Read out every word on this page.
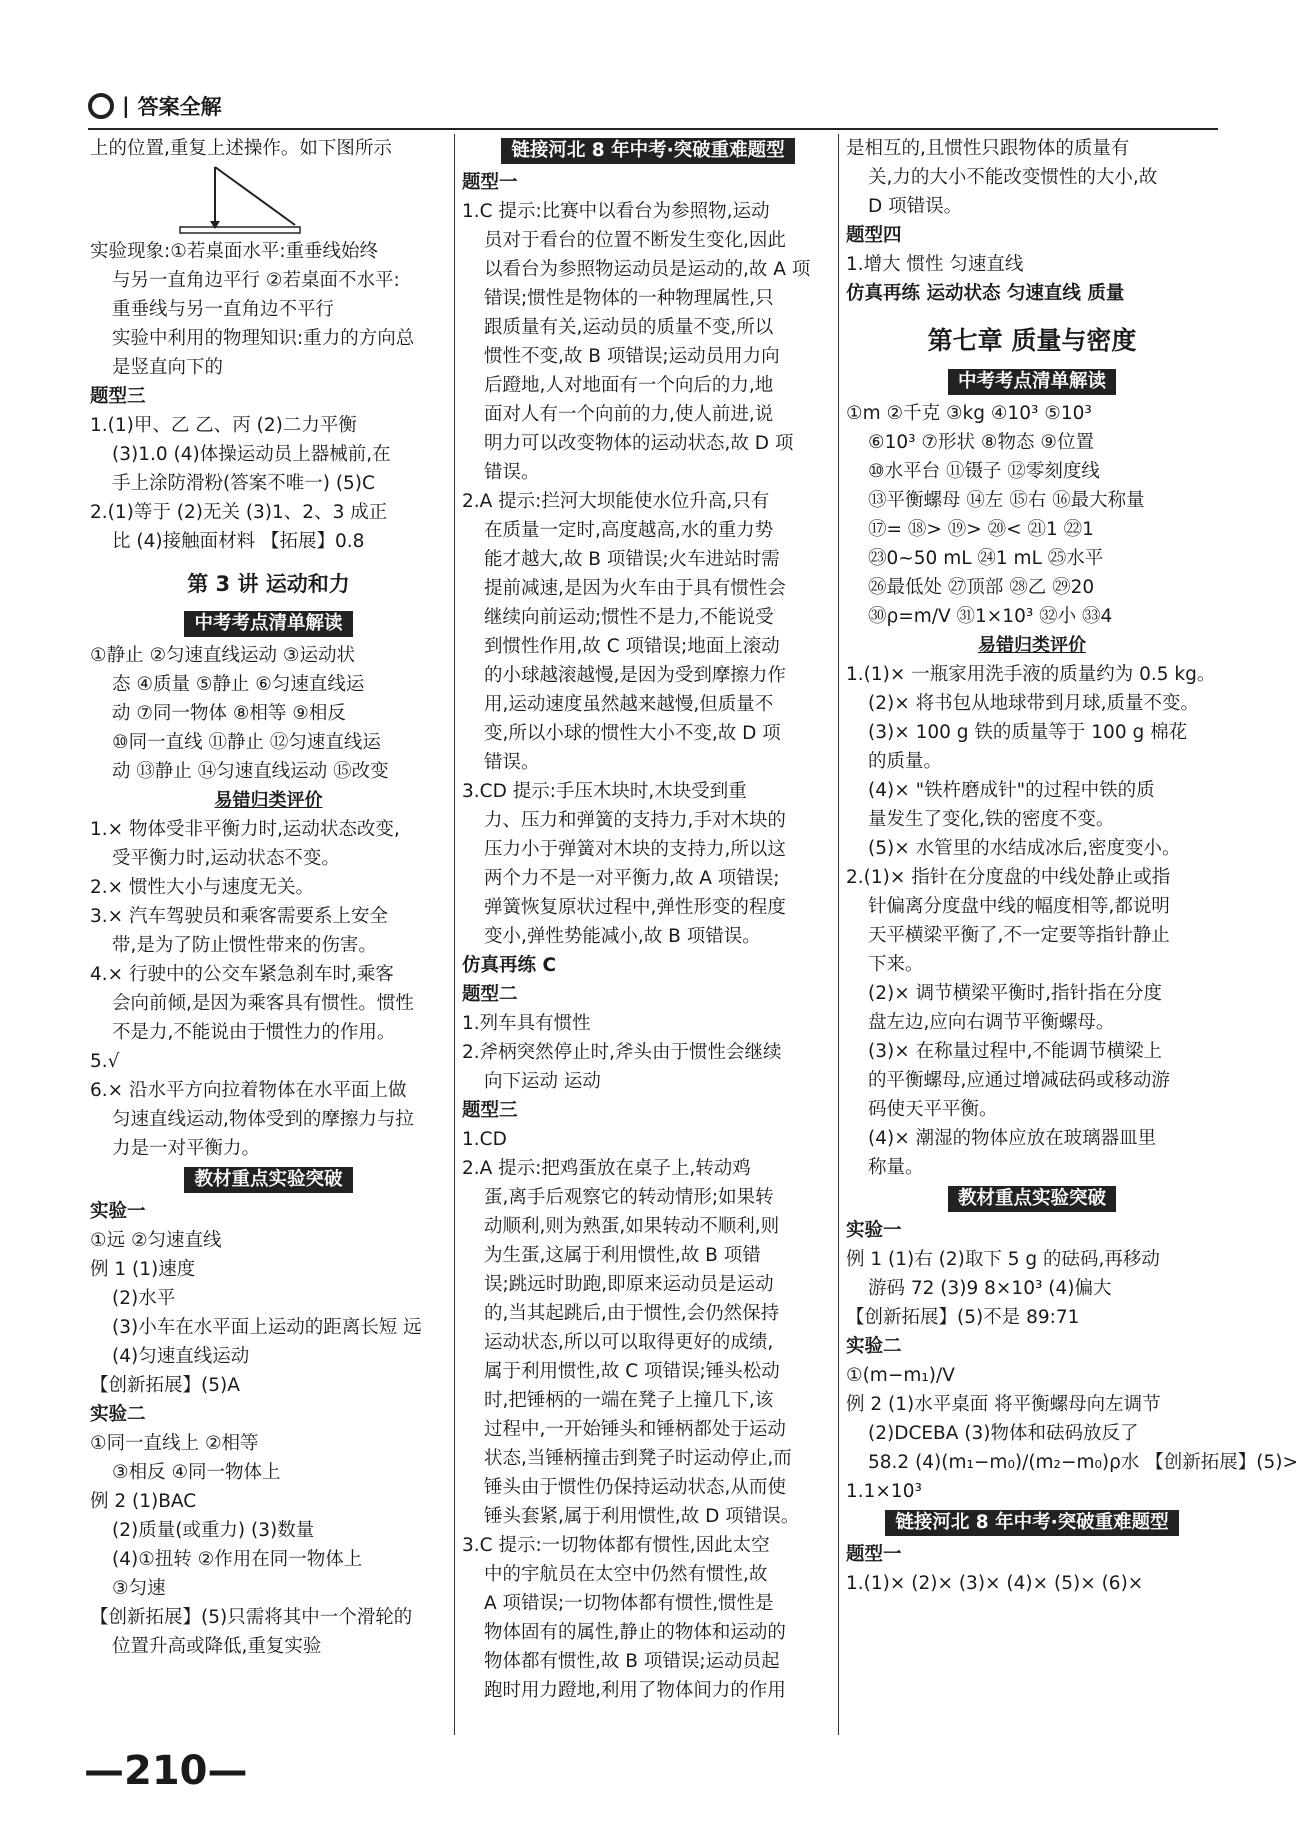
| 答案全解
上的位置,重复上述操作。如下图所示
实验现象:①若桌面水平:重垂线始终
与另一直角边平行 ②若桌面不水平:
重垂线与另一直角边不平行
实验中利用的物理知识:重力的方向总
是竖直向下的
题型三
1.(1)甲、乙 乙、丙 (2)二力平衡
(3)1.0 (4)体操运动员上器械前,在
手上涂防滑粉(答案不唯一) (5)C
2.(1)等于 (2)无关 (3)1、2、3 成正
比 (4)接触面材料 【拓展】0.8
第 3 讲 运动和力
中考考点清单解读
①静止 ②匀速直线运动 ③运动状
态 ④质量 ⑤静止 ⑥匀速直线运
动 ⑦同一物体 ⑧相等 ⑨相反
⑩同一直线 ⑪静止 ⑫匀速直线运
动 ⑬静止 ⑭匀速直线运动 ⑮改变
易错归类评价
1.× 物体受非平衡力时,运动状态改变,
受平衡力时,运动状态不变。
2.× 惯性大小与速度无关。
3.× 汽车驾驶员和乘客需要系上安全
带,是为了防止惯性带来的伤害。
4.× 行驶中的公交车紧急刹车时,乘客
会向前倾,是因为乘客具有惯性。惯性
不是力,不能说由于惯性力的作用。
5.√
6.× 沿水平方向拉着物体在水平面上做
匀速直线运动,物体受到的摩擦力与拉
力是一对平衡力。
教材重点实验突破
实验一
①远 ②匀速直线
例 1 (1)速度
(2)水平
(3)小车在水平面上运动的距离长短 远
(4)匀速直线运动
【创新拓展】(5)A
实验二
①同一直线上 ②相等
③相反 ④同一物体上
例 2 (1)BAC
(2)质量(或重力) (3)数量
(4)①扭转 ②作用在同一物体上
③匀速
【创新拓展】(5)只需将其中一个滑轮的
位置升高或降低,重复实验
链接河北 8 年中考·突破重难题型
题型一
1.C 提示:比赛中以看台为参照物,运动
员对于看台的位置不断发生变化,因此
以看台为参照物运动员是运动的,故 A 项
错误;惯性是物体的一种物理属性,只
跟质量有关,运动员的质量不变,所以
惯性不变,故 B 项错误;运动员用力向
后蹬地,人对地面有一个向后的力,地
面对人有一个向前的力,使人前进,说
明力可以改变物体的运动状态,故 D 项
错误。
2.A 提示:拦河大坝能使水位升高,只有
在质量一定时,高度越高,水的重力势
能才越大,故 B 项错误;火车进站时需
提前减速,是因为火车由于具有惯性会
继续向前运动;惯性不是力,不能说受
到惯性作用,故 C 项错误;地面上滚动
的小球越滚越慢,是因为受到摩擦力作
用,运动速度虽然越来越慢,但质量不
变,所以小球的惯性大小不变,故 D 项
错误。
3.CD 提示:手压木块时,木块受到重
力、压力和弹簧的支持力,手对木块的
压力小于弹簧对木块的支持力,所以这
两个力不是一对平衡力,故 A 项错误;
弹簧恢复原状过程中,弹性形变的程度
变小,弹性势能减小,故 B 项错误。
仿真再练 C
题型二
1.列车具有惯性
2.斧柄突然停止时,斧头由于惯性会继续
向下运动 运动
题型三
1.CD
2.A 提示:把鸡蛋放在桌子上,转动鸡
蛋,离手后观察它的转动情形;如果转
动顺利,则为熟蛋,如果转动不顺利,则
为生蛋,这属于利用惯性,故 B 项错
误;跳远时助跑,即原来运动员是运动
的,当其起跳后,由于惯性,会仍然保持
运动状态,所以可以取得更好的成绩,
属于利用惯性,故 C 项错误;锤头松动
时,把锤柄的一端在凳子上撞几下,该
过程中,一开始锤头和锤柄都处于运动
状态,当锤柄撞击到凳子时运动停止,而
锤头由于惯性仍保持运动状态,从而使
锤头套紧,属于利用惯性,故 D 项错误。
3.C 提示:一切物体都有惯性,因此太空
中的宇航员在太空中仍然有惯性,故
A 项错误;一切物体都有惯性,惯性是
物体固有的属性,静止的物体和运动的
物体都有惯性,故 B 项错误;运动员起
跑时用力蹬地,利用了物体间力的作用
是相互的,且惯性只跟物体的质量有
关,力的大小不能改变惯性的大小,故
D 项错误。
题型四
1.增大 惯性 匀速直线
仿真再练 运动状态 匀速直线 质量
第七章 质量与密度
中考考点清单解读
①m ②千克 ③kg ④10³ ⑤10³
⑥10³ ⑦形状 ⑧物态 ⑨位置
⑩水平台 ⑪镊子 ⑫零刻度线
⑬平衡螺母 ⑭左 ⑮右 ⑯最大称量
⑰= ⑱> ⑲> ⑳< ㉑1 ㉒1
㉓0~50 mL ㉔1 mL ㉕水平
㉖最低处 ㉗顶部 ㉘乙 ㉙20
㉚ρ=m/V ㉛1×10³ ㉜小 ㉝4
易错归类评价
1.(1)× 一瓶家用洗手液的质量约为 0.5 kg。
(2)× 将书包从地球带到月球,质量不变。
(3)× 100 g 铁的质量等于 100 g 棉花
的质量。
(4)× "铁杵磨成针"的过程中铁的质
量发生了变化,铁的密度不变。
(5)× 水管里的水结成冰后,密度变小。
2.(1)× 指针在分度盘的中线处静止或指
针偏离分度盘中线的幅度相等,都说明
天平横梁平衡了,不一定要等指针静止
下来。
(2)× 调节横梁平衡时,指针指在分度
盘左边,应向右调节平衡螺母。
(3)× 在称量过程中,不能调节横梁上
的平衡螺母,应通过增减砝码或移动游
码使天平平衡。
(4)× 潮湿的物体应放在玻璃器皿里
称量。
教材重点实验突破
实验一
例 1 (1)右 (2)取下 5 g 的砝码,再移动
游码 72 (3)9 8×10³ (4)偏大
【创新拓展】(5)不是 89:71
实验二
①(m−m₁)/V
例 2 (1)水平桌面 将平衡螺母向左调节
(2)DCEBA (3)物体和砝码放反了
58.2 (4)(m₁−m₀)/(m₂−m₀)ρ水 【创新拓展】(5)>
1.1×10³
链接河北 8 年中考·突破重难题型
题型一
1.(1)× (2)× (3)× (4)× (5)× (6)×
—210—
